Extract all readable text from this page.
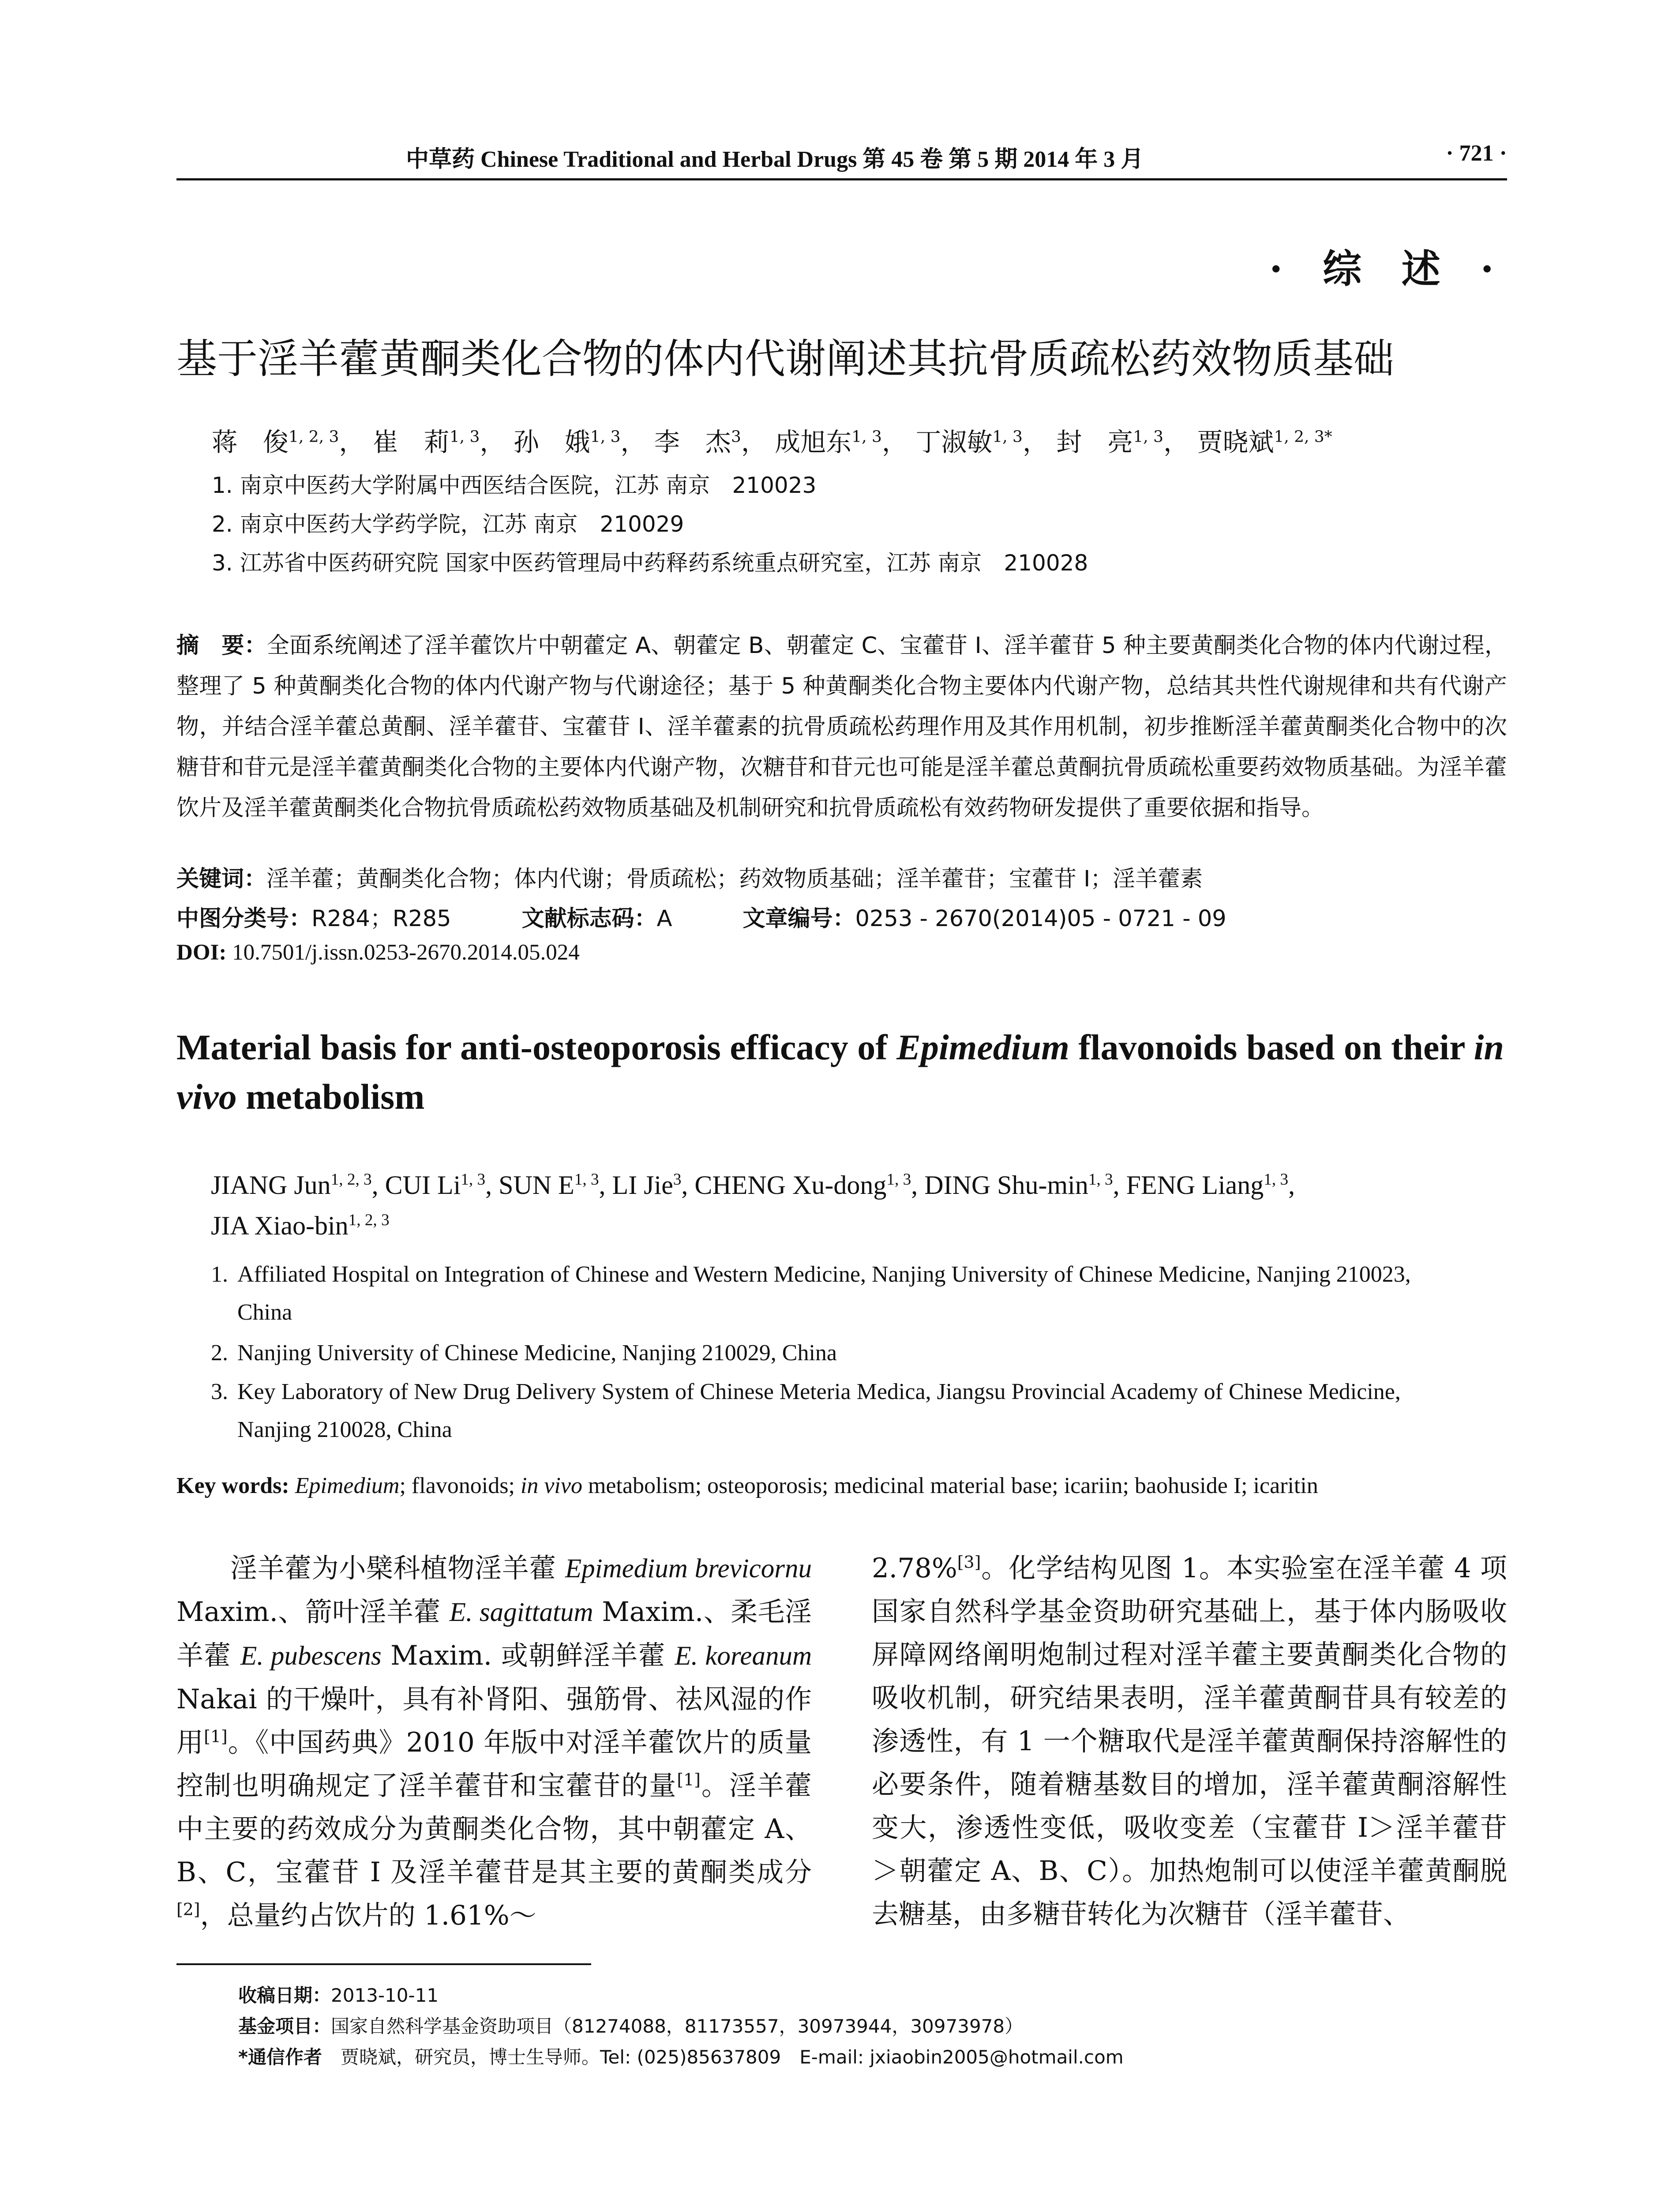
中草药 Chinese Traditional and Herbal Drugs 第 45 卷 第 5 期 2014 年 3 月	· 721 ·
· 综 述 ·
基于淫羊藿黄酮类化合物的体内代谢阐述其抗骨质疏松药效物质基础
蒋　俊$^{1, 2, 3}$， 崔　莉$^{1, 3}$， 孙　娥$^{1, 3}$， 李　杰$^3$， 成旭东$^{1, 3}$， 丁淑敏$^{1, 3}$， 封　亮$^{1, 3}$， 贾晓斌$^{1, 2, 3*}$
1. 南京中医药大学附属中西医结合医院，江苏 南京　210023
2. 南京中医药大学药学院，江苏 南京　210029
3. 江苏省中医药研究院 国家中医药管理局中药释药系统重点研究室，江苏 南京　210028
摘　要：全面系统阐述了淫羊藿饮片中朝藿定 A、朝藿定 B、朝藿定 C、宝藿苷 I、淫羊藿苷 5 种主要黄酮类化合物的体内代谢过程，整理了 5 种黄酮类化合物的体内代谢产物与代谢途径；基于 5 种黄酮类化合物主要体内代谢产物，总结其共性代谢规律和共有代谢产物，并结合淫羊藿总黄酮、淫羊藿苷、宝藿苷 I、淫羊藿素的抗骨质疏松药理作用及其作用机制，初步推断淫羊藿黄酮类化合物中的次糖苷和苷元是淫羊藿黄酮类化合物的主要体内代谢产物，次糖苷和苷元也可能是淫羊藿总黄酮抗骨质疏松重要药效物质基础。为淫羊藿饮片及淫羊藿黄酮类化合物抗骨质疏松药效物质基础及机制研究和抗骨质疏松有效药物研发提供了重要依据和指导。
关键词：淫羊藿；黄酮类化合物；体内代谢；骨质疏松；药效物质基础；淫羊藿苷；宝藿苷 I；淫羊藿素
中图分类号：R284；R285	文献标志码：A	文章编号：0253 - 2670(2014)05 - 0721 - 09
DOI: 10.7501/j.issn.0253-2670.2014.05.024
Material basis for anti-osteoporosis efficacy of Epimedium flavonoids based on their in vivo metabolism
JIANG Jun$^{1, 2, 3}$, CUI Li$^{1, 3}$, SUN E$^{1, 3}$, LI Jie$^3$, CHENG Xu-dong$^{1, 3}$, DING Shu-$\min^{1, 3}$, FENG Liang$^{1, 3}$,
JIA Xiao-bin$^{1, 2, 3}$
1. Affiliated Hospital on Integration of Chinese and Western Medicine, Nanjing University of Chinese Medicine, Nanjing 210023,
China
2. Nanjing University of Chinese Medicine, Nanjing 210029, China
3. Key Laboratory of New Drug Delivery System of Chinese Meteria Medica, Jiangsu Provincial Academy of Chinese Medicine,
Nanjing 210028, China
Key words: Epimedium; flavonoids; in vivo metabolism; osteoporosis; medicinal material base; icariin; baohuside I; icaritin
淫羊藿为小檗科植物淫羊藿 Epimedium brevicornu Maxim.、箭叶淫羊藿 E. sagittatum Maxim.、柔毛淫羊藿 E. pubescens Maxim. 或朝鲜淫羊藿 E. koreanum Nakai 的干燥叶，具有补肾阳、强筋骨、祛风湿的作用[1]。《中国药典》2010 年版中对淫羊藿饮片的质量控制也明确规定了淫羊藿苷和宝藿苷的量[1]。淫羊藿中主要的药效成分为黄酮类化合物，其中朝藿定 A、B、C，宝藿苷 I 及淫羊藿苷是其主要的黄酮类成分[2]，总量约占饮片的 1.61%～
2.78%[3]。化学结构见图 1。本实验室在淫羊藿 4 项国家自然科学基金资助研究基础上，基于体内肠吸收屏障网络阐明炮制过程对淫羊藿主要黄酮类化合物的吸收机制，研究结果表明，淫羊藿黄酮苷具有较差的渗透性，有 1 一个糖取代是淫羊藿黄酮保持溶解性的必要条件，随着糖基数目的增加，淫羊藿黄酮溶解性变大，渗透性变低，吸收变差（宝藿苷 I＞淫羊藿苷＞朝藿定 A、B、C）。加热炮制可以使淫羊藿黄酮脱去糖基，由多糖苷转化为次糖苷（淫羊藿苷、
收稿日期：2013-10-11
基金项目：国家自然科学基金资助项目（81274088，81173557，30973944，30973978）
*通信作者　 贾晓斌，研究员，博士生导师。Tel: (025)85637809　E-mail: jxiaobin2005@hotmail.com
